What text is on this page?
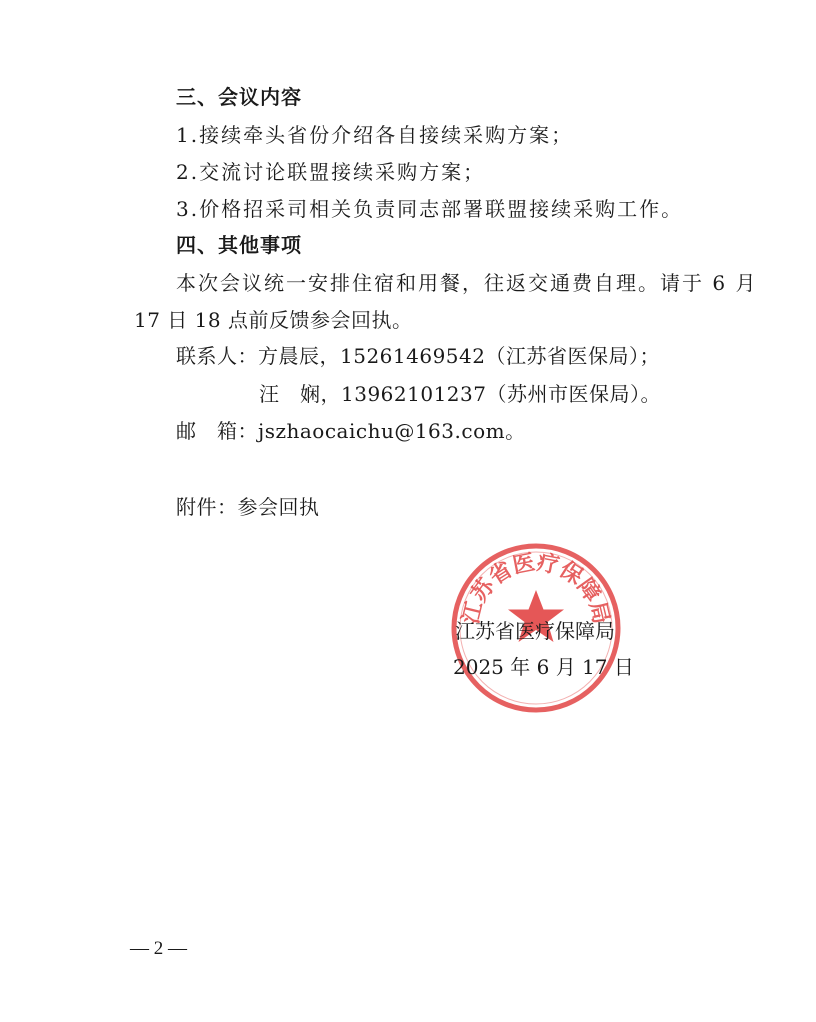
三、会议内容
1.接续牵头省份介绍各自接续采购方案；
2.交流讨论联盟接续采购方案；
3.价格招采司相关负责同志部署联盟接续采购工作。
四、其他事项
本次会议统一安排住宿和用餐，往返交通费自理。请于 6 月
17 日 18 点前反馈参会回执。
联系人：方晨辰，15261469542（江苏省医保局）；
汪　娴，13962101237（苏州市医保局）。
邮　箱：jszhaocaichu@163.com。
附件：参会回执
江苏省医疗保障局
江苏省医疗保障局
2025 年 6 月 17 日
— 2 —
